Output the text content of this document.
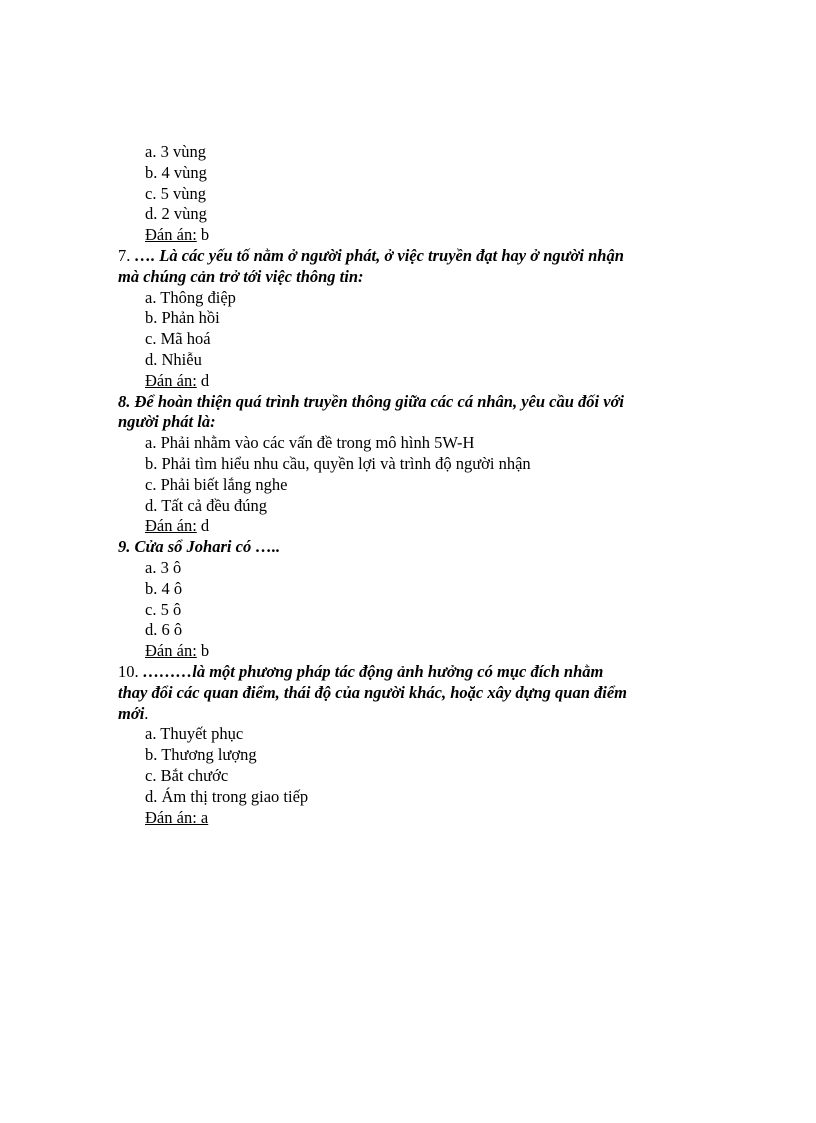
a. 3 vùng
b. 4 vùng
c. 5 vùng
d. 2 vùng
Đán án: b
7. …. Là các yếu tố nằm ở người phát, ở việc truyền đạt hay ở người nhận
mà chúng cản trở tới việc thông tin:
a. Thông điệp
b. Phản hồi
c. Mã hoá
d. Nhiễu
Đán án: d
8. Để hoàn thiện quá trình truyền thông giữa các cá nhân, yêu cầu đối với
người phát là:
a. Phải nhằm vào các vấn đề trong mô hình 5W-H
b. Phải tìm hiểu nhu cầu, quyền lợi và trình độ người nhận
c. Phải biết lắng nghe
d. Tất cả đều đúng
Đán án: d
9. Cửa sổ Johari có …..
a. 3 ô
b. 4 ô
c. 5 ô
d. 6 ô
Đán án: b
10. ………là một phương pháp tác động ảnh hưởng có mục đích nhằm
thay đổi các quan điểm, thái độ của người khác, hoặc xây dựng quan điểm
mới.
a. Thuyết phục
b. Thương lượng
c. Bắt chước
d. Ám thị trong giao tiếp
Đán án: a
